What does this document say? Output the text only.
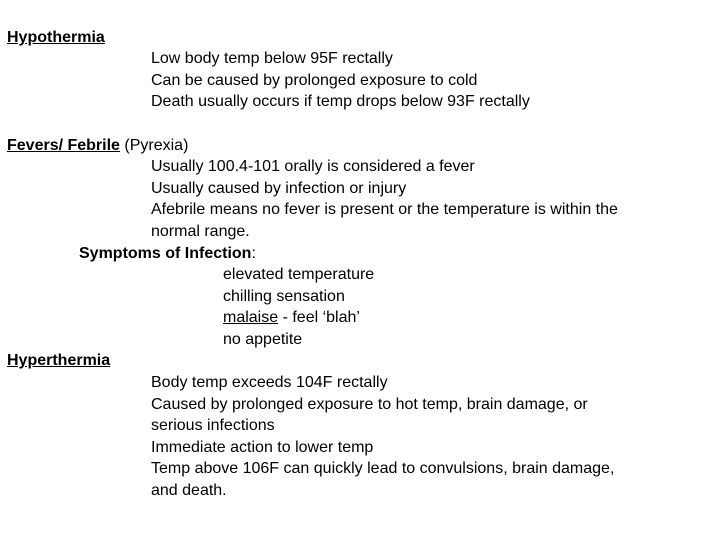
Hypothermia
Low body temp below 95F rectally
Can be caused by prolonged exposure to cold
Death usually occurs if temp drops below 93F rectally
Fevers/ Febrile (Pyrexia)
Usually 100.4-101 orally is considered a fever
Usually caused by infection or injury
Afebrile means no fever is present or the temperature is within the
normal range.
Symptoms of Infection:
elevated temperature
chilling sensation
malaise - feel ‘blah’
no appetite
Hyperthermia
Body temp exceeds 104F rectally
Caused by prolonged exposure to hot temp, brain damage, or
serious infections
Immediate action to lower temp
Temp above 106F can quickly lead to convulsions, brain damage,
and death.
